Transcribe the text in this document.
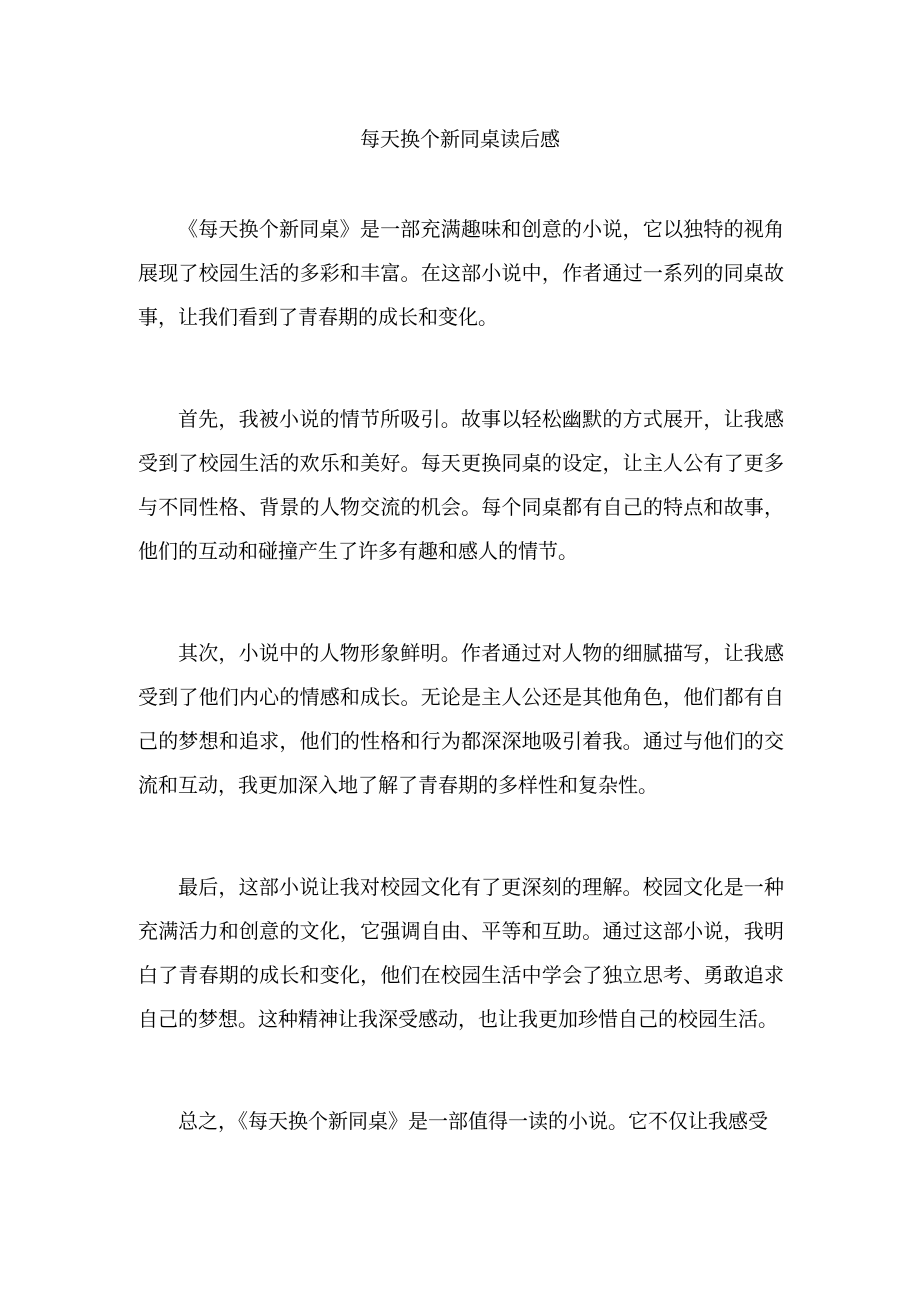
每天换个新同桌读后感

《每天换个新同桌》是一部充满趣味和创意的小说，它以独特的视角展现了校园生活的多彩和丰富。在这部小说中，作者通过一系列的同桌故事，让我们看到了青春期的成长和变化。

首先，我被小说的情节所吸引。故事以轻松幽默的方式展开，让我感受到了校园生活的欢乐和美好。每天更换同桌的设定，让主人公有了更多与不同性格、背景的人物交流的机会。每个同桌都有自己的特点和故事，他们的互动和碰撞产生了许多有趣和感人的情节。

其次，小说中的人物形象鲜明。作者通过对人物的细腻描写，让我感受到了他们内心的情感和成长。无论是主人公还是其他角色，他们都有自己的梦想和追求，他们的性格和行为都深深地吸引着我。通过与他们的交流和互动，我更加深入地了解了青春期的多样性和复杂性。

最后，这部小说让我对校园文化有了更深刻的理解。校园文化是一种充满活力和创意的文化，它强调自由、平等和互助。通过这部小说，我明白了青春期的成长和变化，他们在校园生活中学会了独立思考、勇敢追求自己的梦想。这种精神让我深受感动，也让我更加珍惜自己的校园生活。

总之，《每天换个新同桌》是一部值得一读的小说。它不仅让我感受
